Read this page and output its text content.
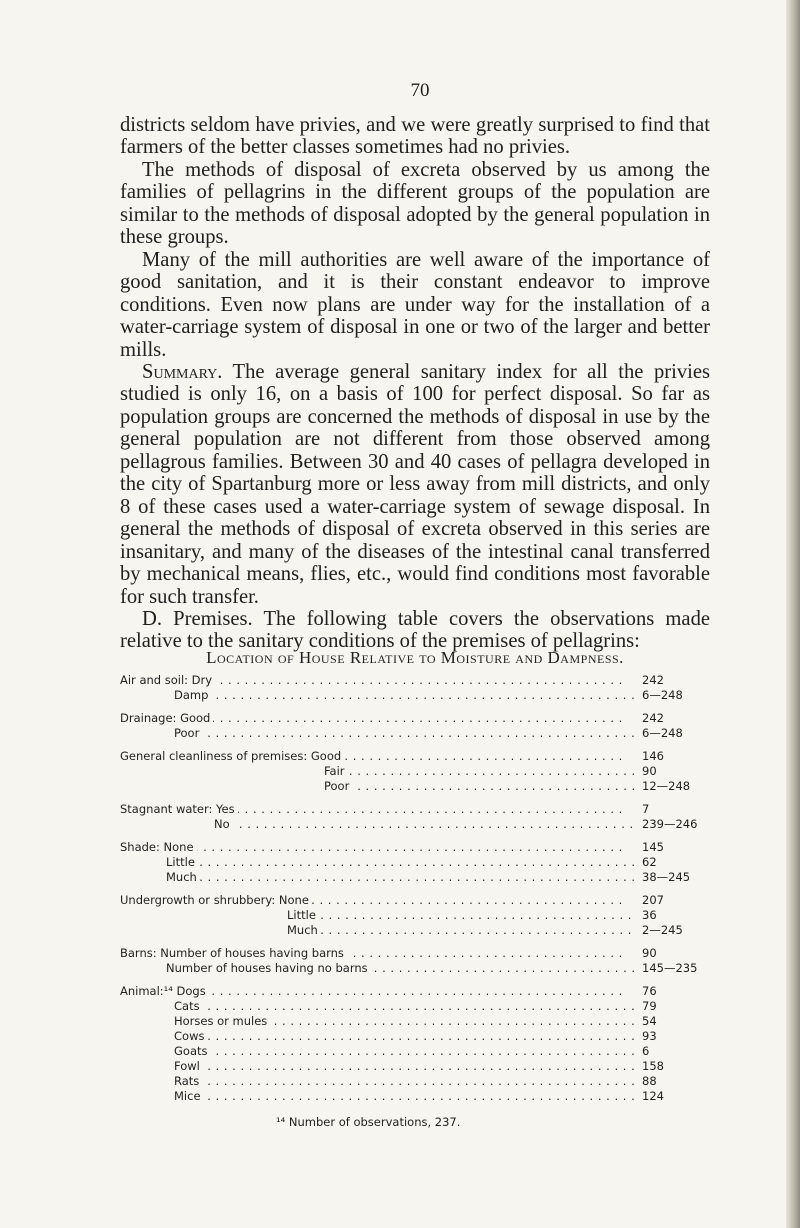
70

districts seldom have privies, and we were greatly surprised to find that farmers of the better classes sometimes had no privies.

The methods of disposal of excreta observed by us among the families of pellagrins in the different groups of the population are similar to the methods of disposal adopted by the general population in these groups.

Many of the mill authorities are well aware of the importance of good sanitation, and it is their constant endeavor to improve conditions. Even now plans are under way for the installation of a water-carriage system of disposal in one or two of the larger and better mills.

Summary. The average general sanitary index for all the privies studied is only 16, on a basis of 100 for perfect disposal. So far as population groups are concerned the methods of disposal in use by the general population are not different from those observed among pellagrous families. Between 30 and 40 cases of pellagra developed in the city of Spartanburg more or less away from mill districts, and only 8 of these cases used a water-carriage system of sewage disposal. In general the methods of disposal of excreta observed in this series are insanitary, and many of the diseases of the intestinal canal transferred by mechanical means, flies, etc., would find conditions most favorable for such transfer.

D. Premises. The following table covers the observations made relative to the sanitary conditions of the premises of pellagrins:

Location of House Relative to Moisture and Dampness.
Air and soil: Dry . . .	242
Damp . . .	6—248
Drainage: Good . . .	242
Poor . . .	6—248
General cleanliness of premises: Good . . .	146
Fair . . .	90
Poor . . .	12—248
Stagnant water: Yes . . .	7
No . . .	239—246
Shade: None . . .	145
Little . . .	62
Much . . .	38—245
Undergrowth or shrubbery: None . . .	207
Little . . .	36
Much . . .	2—245
Barns: Number of houses having barns . . .	90
Number of houses having no barns . . .	145—235
Animal:¹⁴ Dogs . . .	76
Cats . . .	79
Horses or mules . . .	54
Cows . . .	93
Goats . . .	6
Fowl . . .	158
Rats . . .	88
Mice . . .	124
¹⁴ Number of observations, 237.
